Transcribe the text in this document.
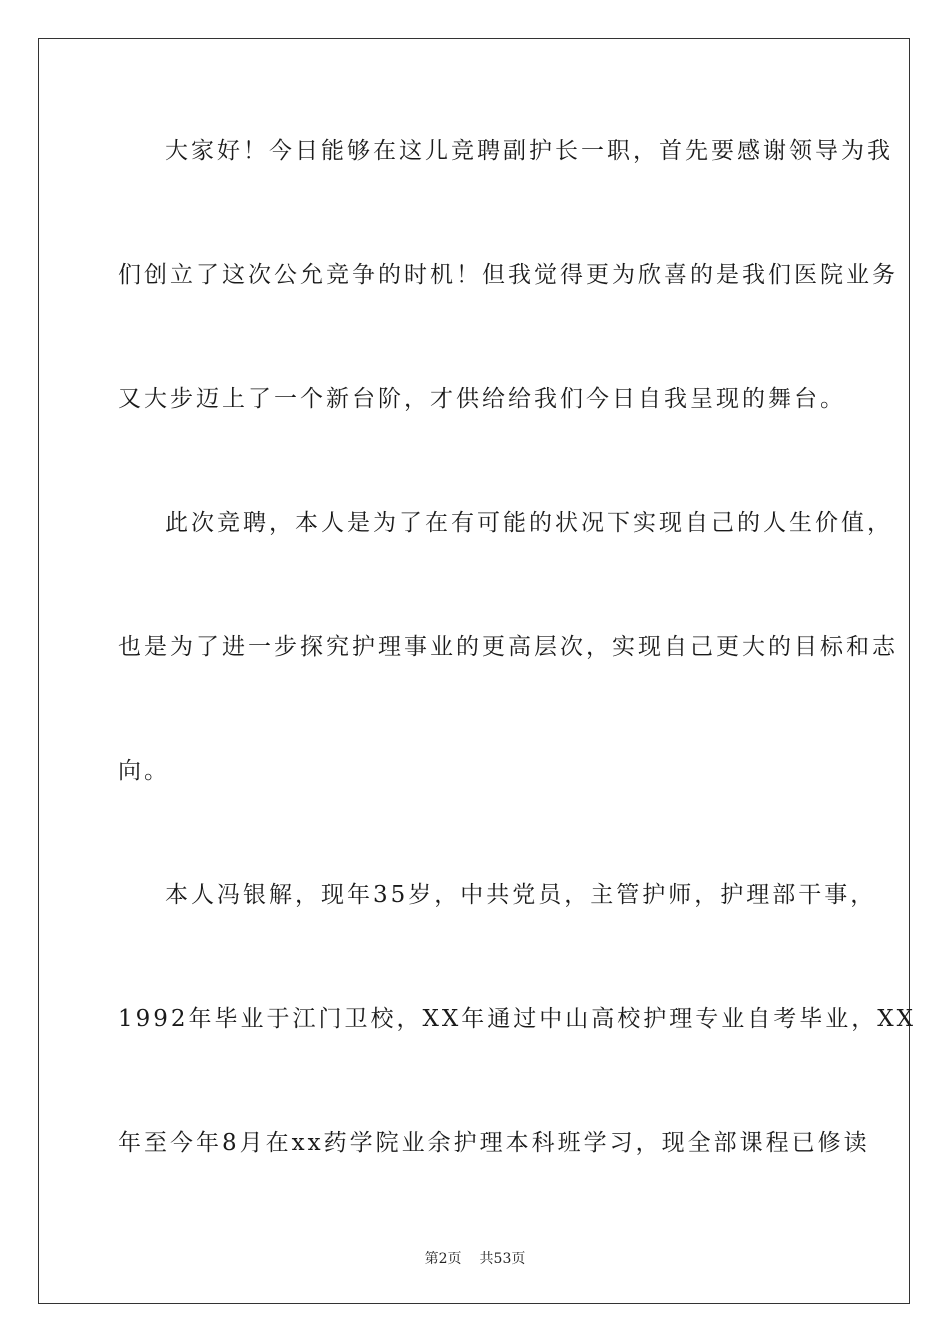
大家好！今日能够在这儿竞聘副护长一职，首先要感谢领导为我
们创立了这次公允竞争的时机！但我觉得更为欣喜的是我们医院业务
又大步迈上了一个新台阶，才供给给我们今日自我呈现的舞台。
此次竞聘，本人是为了在有可能的状况下实现自己的人生价值，
也是为了进一步探究护理事业的更高层次，实现自己更大的目标和志
向。
本人冯银解，现年35岁，中共党员，主管护师，护理部干事，
1992年毕业于江门卫校，XX年通过中山高校护理专业自考毕业，XX
年至今年8月在xx药学院业余护理本科班学习，现全部课程已修读
第2页 共53页
